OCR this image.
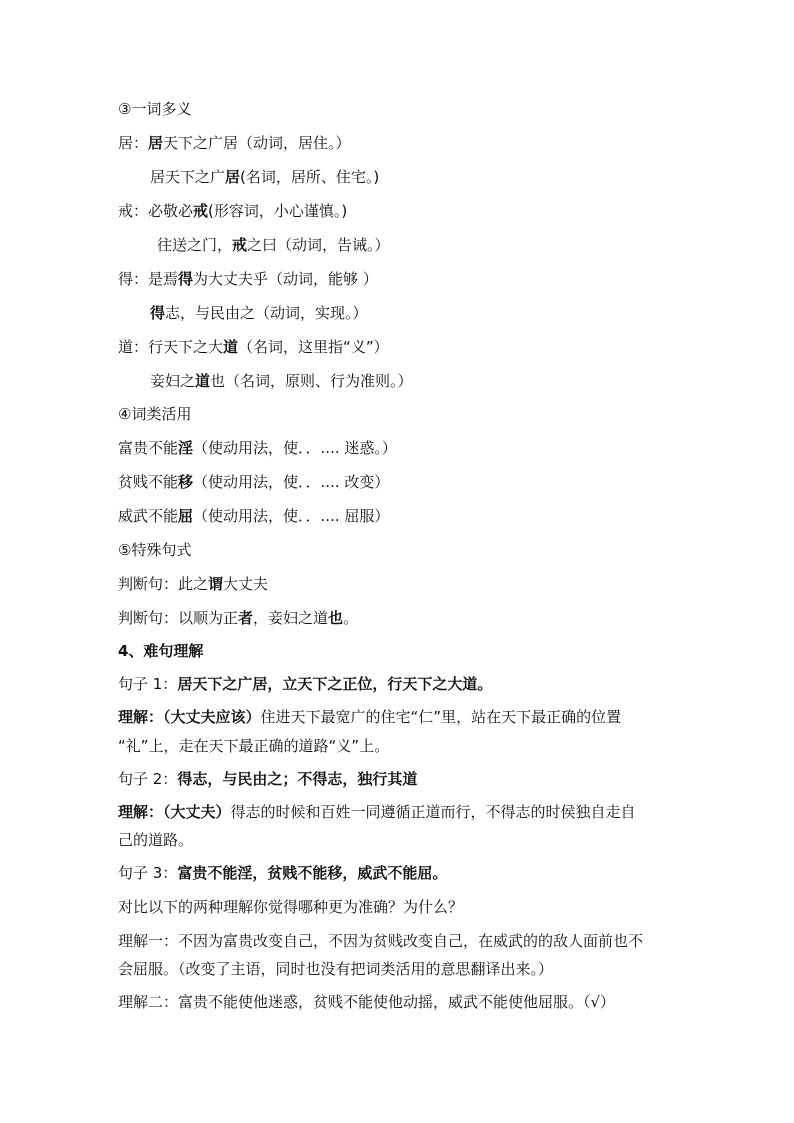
③一词多义
居：居天下之广居（动词，居住。）
居天下之广居(名词，居所、住宅。)
戒：必敬必戒(形容词，小心谨慎。)
往送之门，戒之曰（动词，告诫。）
得：是焉得为大丈夫乎（动词，能够 ）
得志，与民由之（动词，实现。）
道：行天下之大道（名词，这里指“义”）
妾妇之道也（名词，原则、行为准则。）
④词类活用
富贵不能淫（使动用法，使．．.... 迷惑。）
贫贱不能移（使动用法，使．．.... 改变）
威武不能屈（使动用法，使．．.... 屈服）
⑤特殊句式
判断句：此之谓大丈夫
判断句：以顺为正者，妾妇之道也。
4、难句理解
句子 1：居天下之广居，立天下之正位，行天下之大道。
理解：（大丈夫应该）住进天下最宽广的住宅“仁”里，站在天下最正确的位置
“礼”上，走在天下最正确的道路“义”上。
句子 2：得志，与民由之；不得志，独行其道
理解：（大丈夫）得志的时候和百姓一同遵循正道而行，不得志的时侯独自走自
己的道路。
句子 3：富贵不能淫，贫贱不能移，威武不能屈。
对比以下的两种理解你觉得哪种更为准确？为什么？
理解一：不因为富贵改变自己，不因为贫贱改变自己，在威武的的敌人面前也不
会屈服。（改变了主语，同时也没有把词类活用的意思翻译出来。）
理解二：富贵不能使他迷惑，贫贱不能使他动摇，威武不能使他屈服。（√）
